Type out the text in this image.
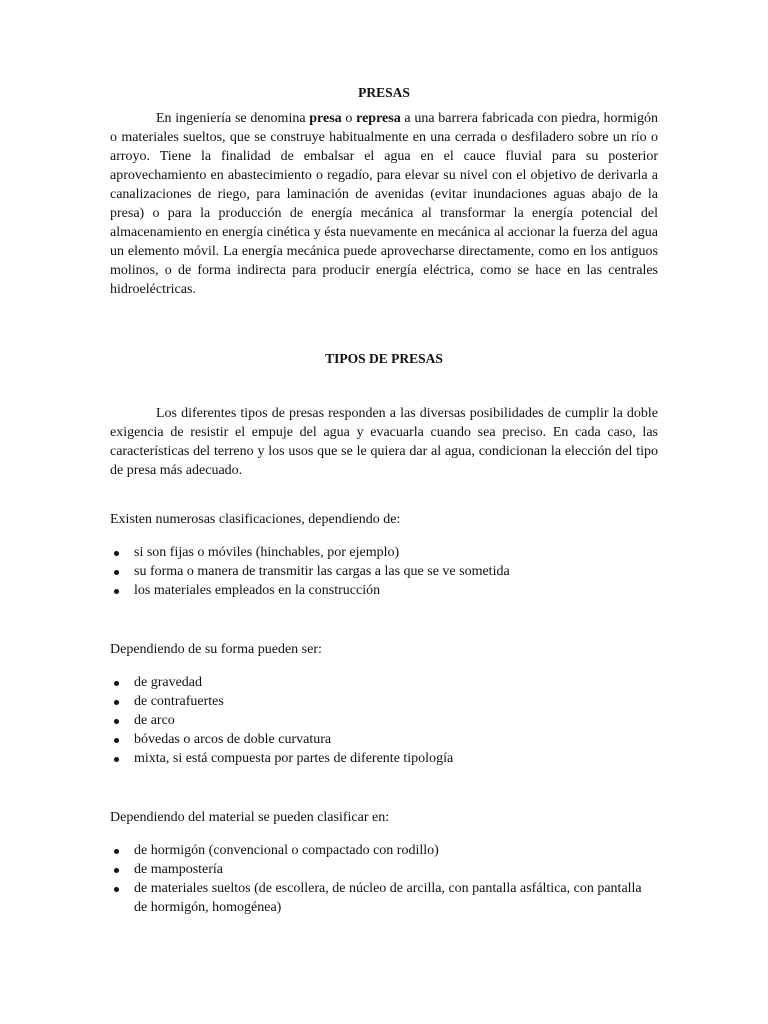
PRESAS

En ingeniería se denomina presa o represa a una barrera fabricada con piedra, hormigón o materiales sueltos, que se construye habitualmente en una cerrada o desfiladero sobre un río o arroyo. Tiene la finalidad de embalsar el agua en el cauce fluvial para su posterior aprovechamiento en abastecimiento o regadío, para elevar su nivel con el objetivo de derivarla a canalizaciones de riego, para laminación de avenidas (evitar inundaciones aguas abajo de la presa) o para la producción de energía mecánica al transformar la energía potencial del almacenamiento en energía cinética y ésta nuevamente en mecánica al accionar la fuerza del agua un elemento móvil. La energía mecánica puede aprovecharse directamente, como en los antiguos molinos, o de forma indirecta para producir energía eléctrica, como se hace en las centrales hidroeléctricas.

TIPOS DE PRESAS

Los diferentes tipos de presas responden a las diversas posibilidades de cumplir la doble exigencia de resistir el empuje del agua y evacuarla cuando sea preciso. En cada caso, las características del terreno y los usos que se le quiera dar al agua, condicionan la elección del tipo de presa más adecuado.

Existen numerosas clasificaciones, dependiendo de:

si son fijas o móviles (hinchables, por ejemplo)
su forma o manera de transmitir las cargas a las que se ve sometida
los materiales empleados en la construcción

Dependiendo de su forma pueden ser:

de gravedad
de contrafuertes
de arco
bóvedas o arcos de doble curvatura
mixta, si está compuesta por partes de diferente tipología

Dependiendo del material se pueden clasificar en:

de hormigón (convencional o compactado con rodillo)
de mampostería
de materiales sueltos (de escollera, de núcleo de arcilla, con pantalla asfáltica, con pantalla de hormigón, homogénea)
